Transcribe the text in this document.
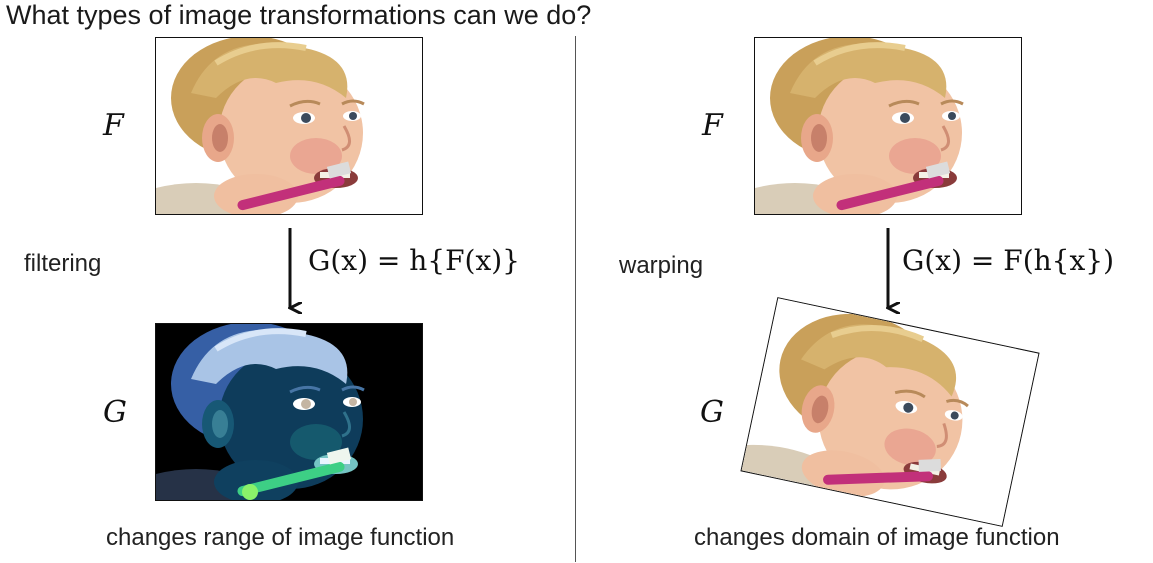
What types of image transformations can we do?
F
filtering	G(x) = h{F(x)}
G
changes range of image function
F
warping	G(x) = F(h{x})
G
changes domain of image function
